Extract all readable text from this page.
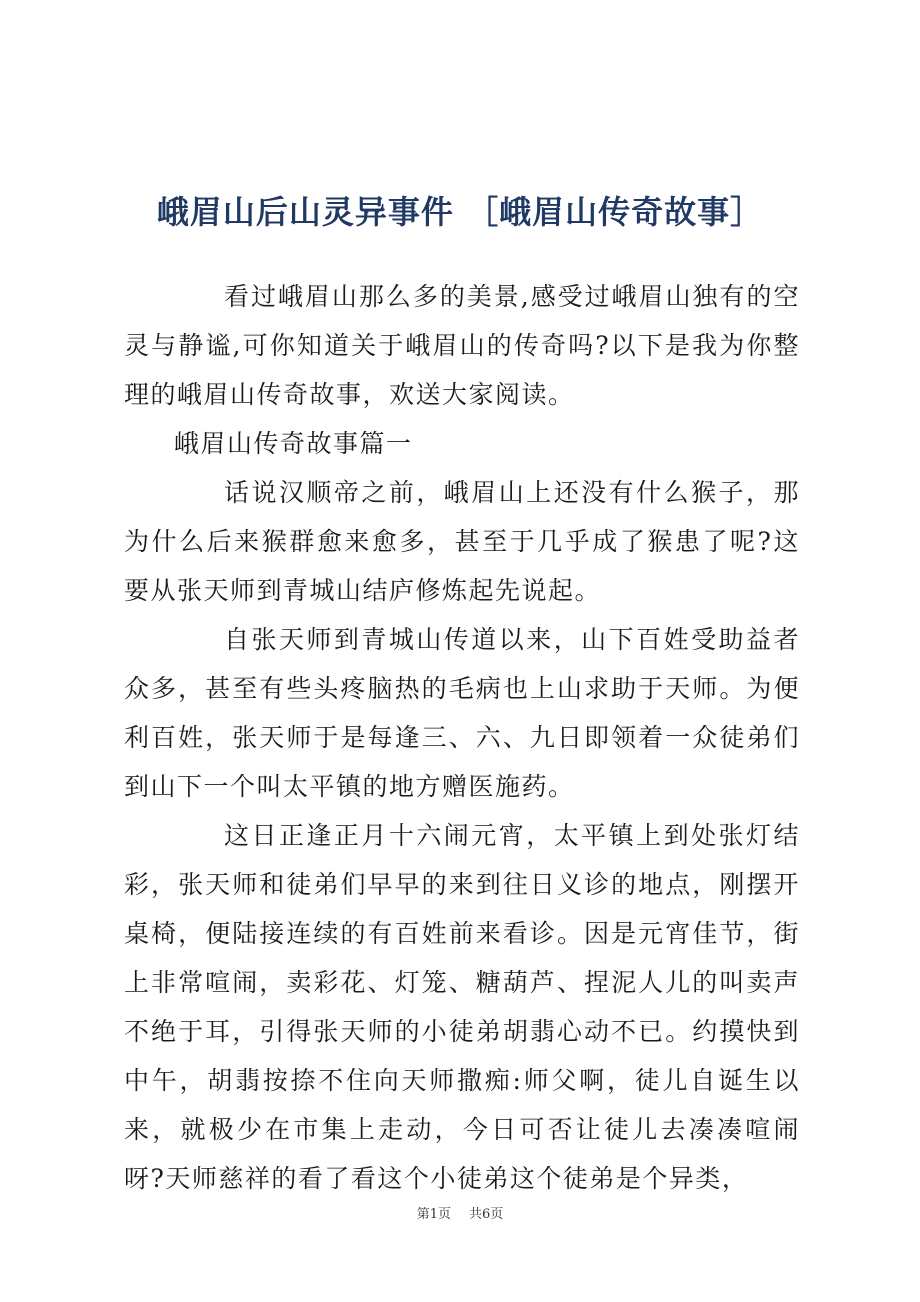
峨眉山后山灵异事件 ［峨眉山传奇故事］

看过峨眉山那么多的美景,感受过峨眉山独有的空灵与静谧,可你知道关于峨眉山的传奇吗?以下是我为你整理的峨眉山传奇故事，欢送大家阅读。

峨眉山传奇故事篇一

话说汉顺帝之前，峨眉山上还没有什么猴子，那为什么后来猴群愈来愈多，甚至于几乎成了猴患了呢?这要从张天师到青城山结庐修炼起先说起。

自张天师到青城山传道以来，山下百姓受助益者众多，甚至有些头疼脑热的毛病也上山求助于天师。为便利百姓，张天师于是每逢三、六、九日即领着一众徒弟们到山下一个叫太平镇的地方赠医施药。

这日正逢正月十六闹元宵，太平镇上到处张灯结彩，张天师和徒弟们早早的来到往日义诊的地点，刚摆开桌椅，便陆接连续的有百姓前来看诊。因是元宵佳节，街上非常喧闹，卖彩花、灯笼、糖葫芦、捏泥人儿的叫卖声不绝于耳，引得张天师的小徒弟胡翡心动不已。约摸快到中午，胡翡按捺不住向天师撒痴:师父啊，徒儿自诞生以来，就极少在市集上走动，今日可否让徒儿去凑凑喧闹呀?天师慈祥的看了看这个小徒弟这个徒弟是个异类，

第1页 共6页
